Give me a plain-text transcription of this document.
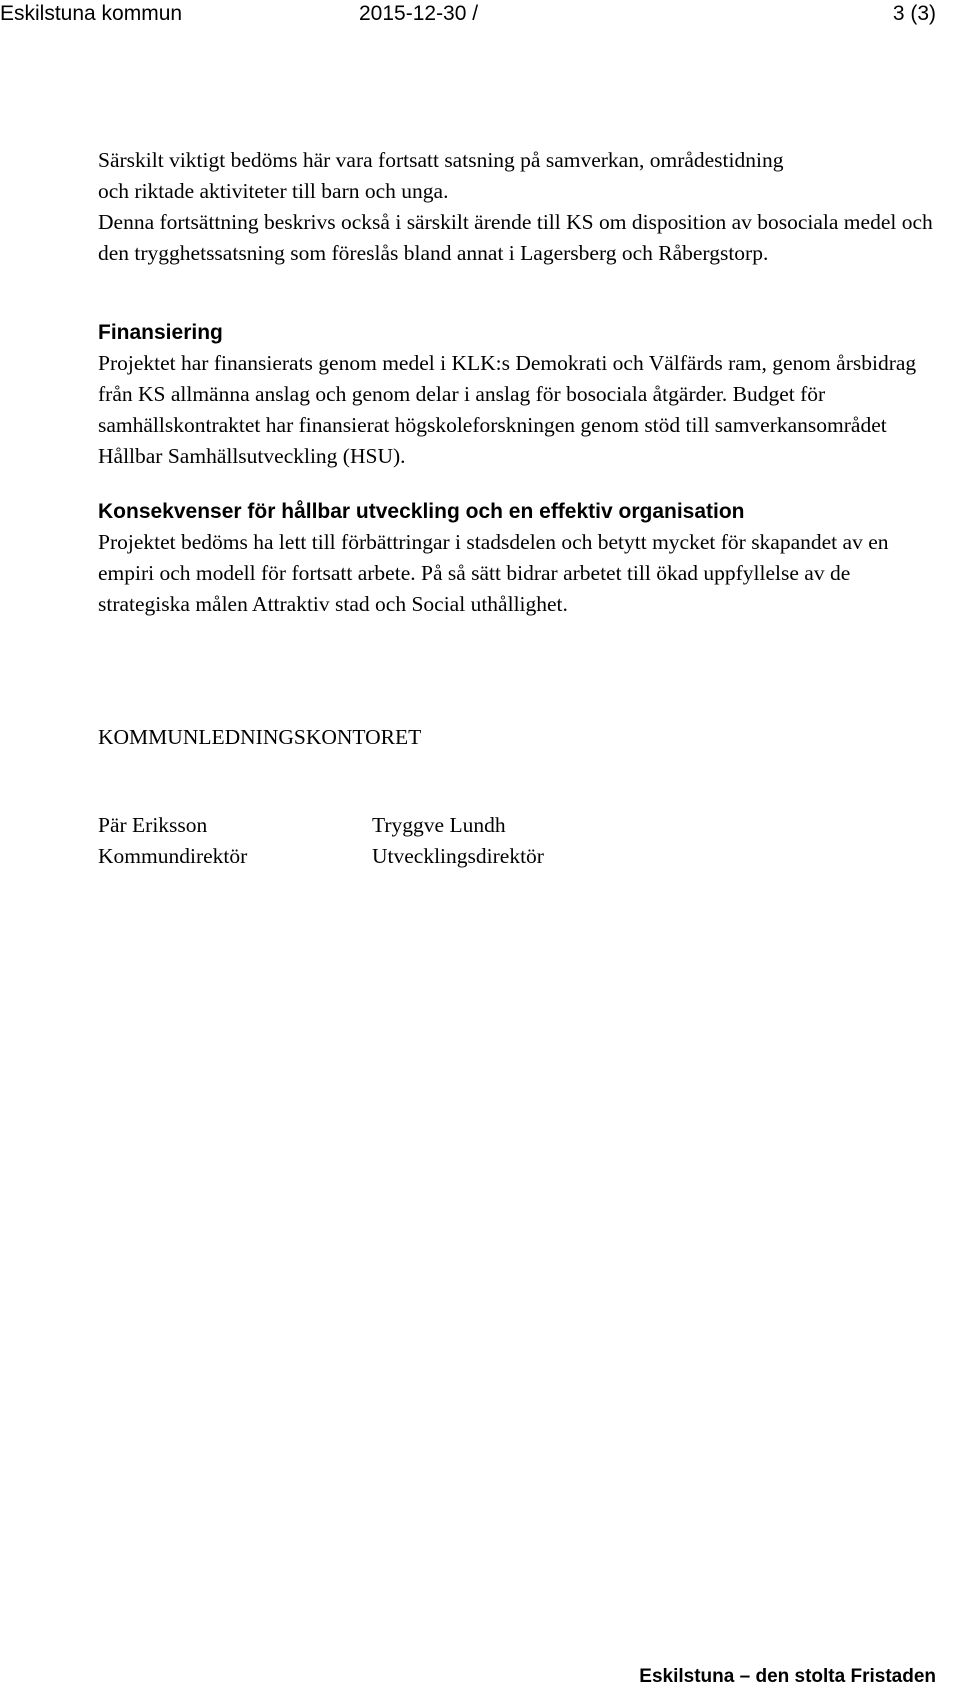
Eskilstuna kommun	2015-12-30 /	3 (3)

Särskilt viktigt bedöms här vara fortsatt satsning på samverkan, områdestidning

och riktade aktiviteter till barn och unga.

Denna fortsättning beskrivs också i särskilt ärende till KS om disposition av bosociala medel och den trygghetssatsning som föreslås bland annat i Lagersberg och Råbergstorp.

Finansiering

Projektet har finansierats genom medel i KLK:s Demokrati och Välfärds ram, genom årsbidrag från KS allmänna anslag och genom delar i anslag för bosociala åtgärder. Budget för samhällskontraktet har finansierat högskoleforskningen genom stöd till samverkansområdet Hållbar Samhällsutveckling (HSU).

Konsekvenser för hållbar utveckling och en effektiv organisation

Projektet bedöms ha lett till förbättringar i stadsdelen och betytt mycket för skapandet av en empiri och modell för fortsatt arbete. På så sätt bidrar arbetet till ökad uppfyllelse av de strategiska målen Attraktiv stad och Social uthållighet.

KOMMUNLEDNINGSKONTORET
Pär Eriksson
Kommundirektör
Tryggve Lundh
Utvecklingsdirektör
Eskilstuna – den stolta Fristaden
